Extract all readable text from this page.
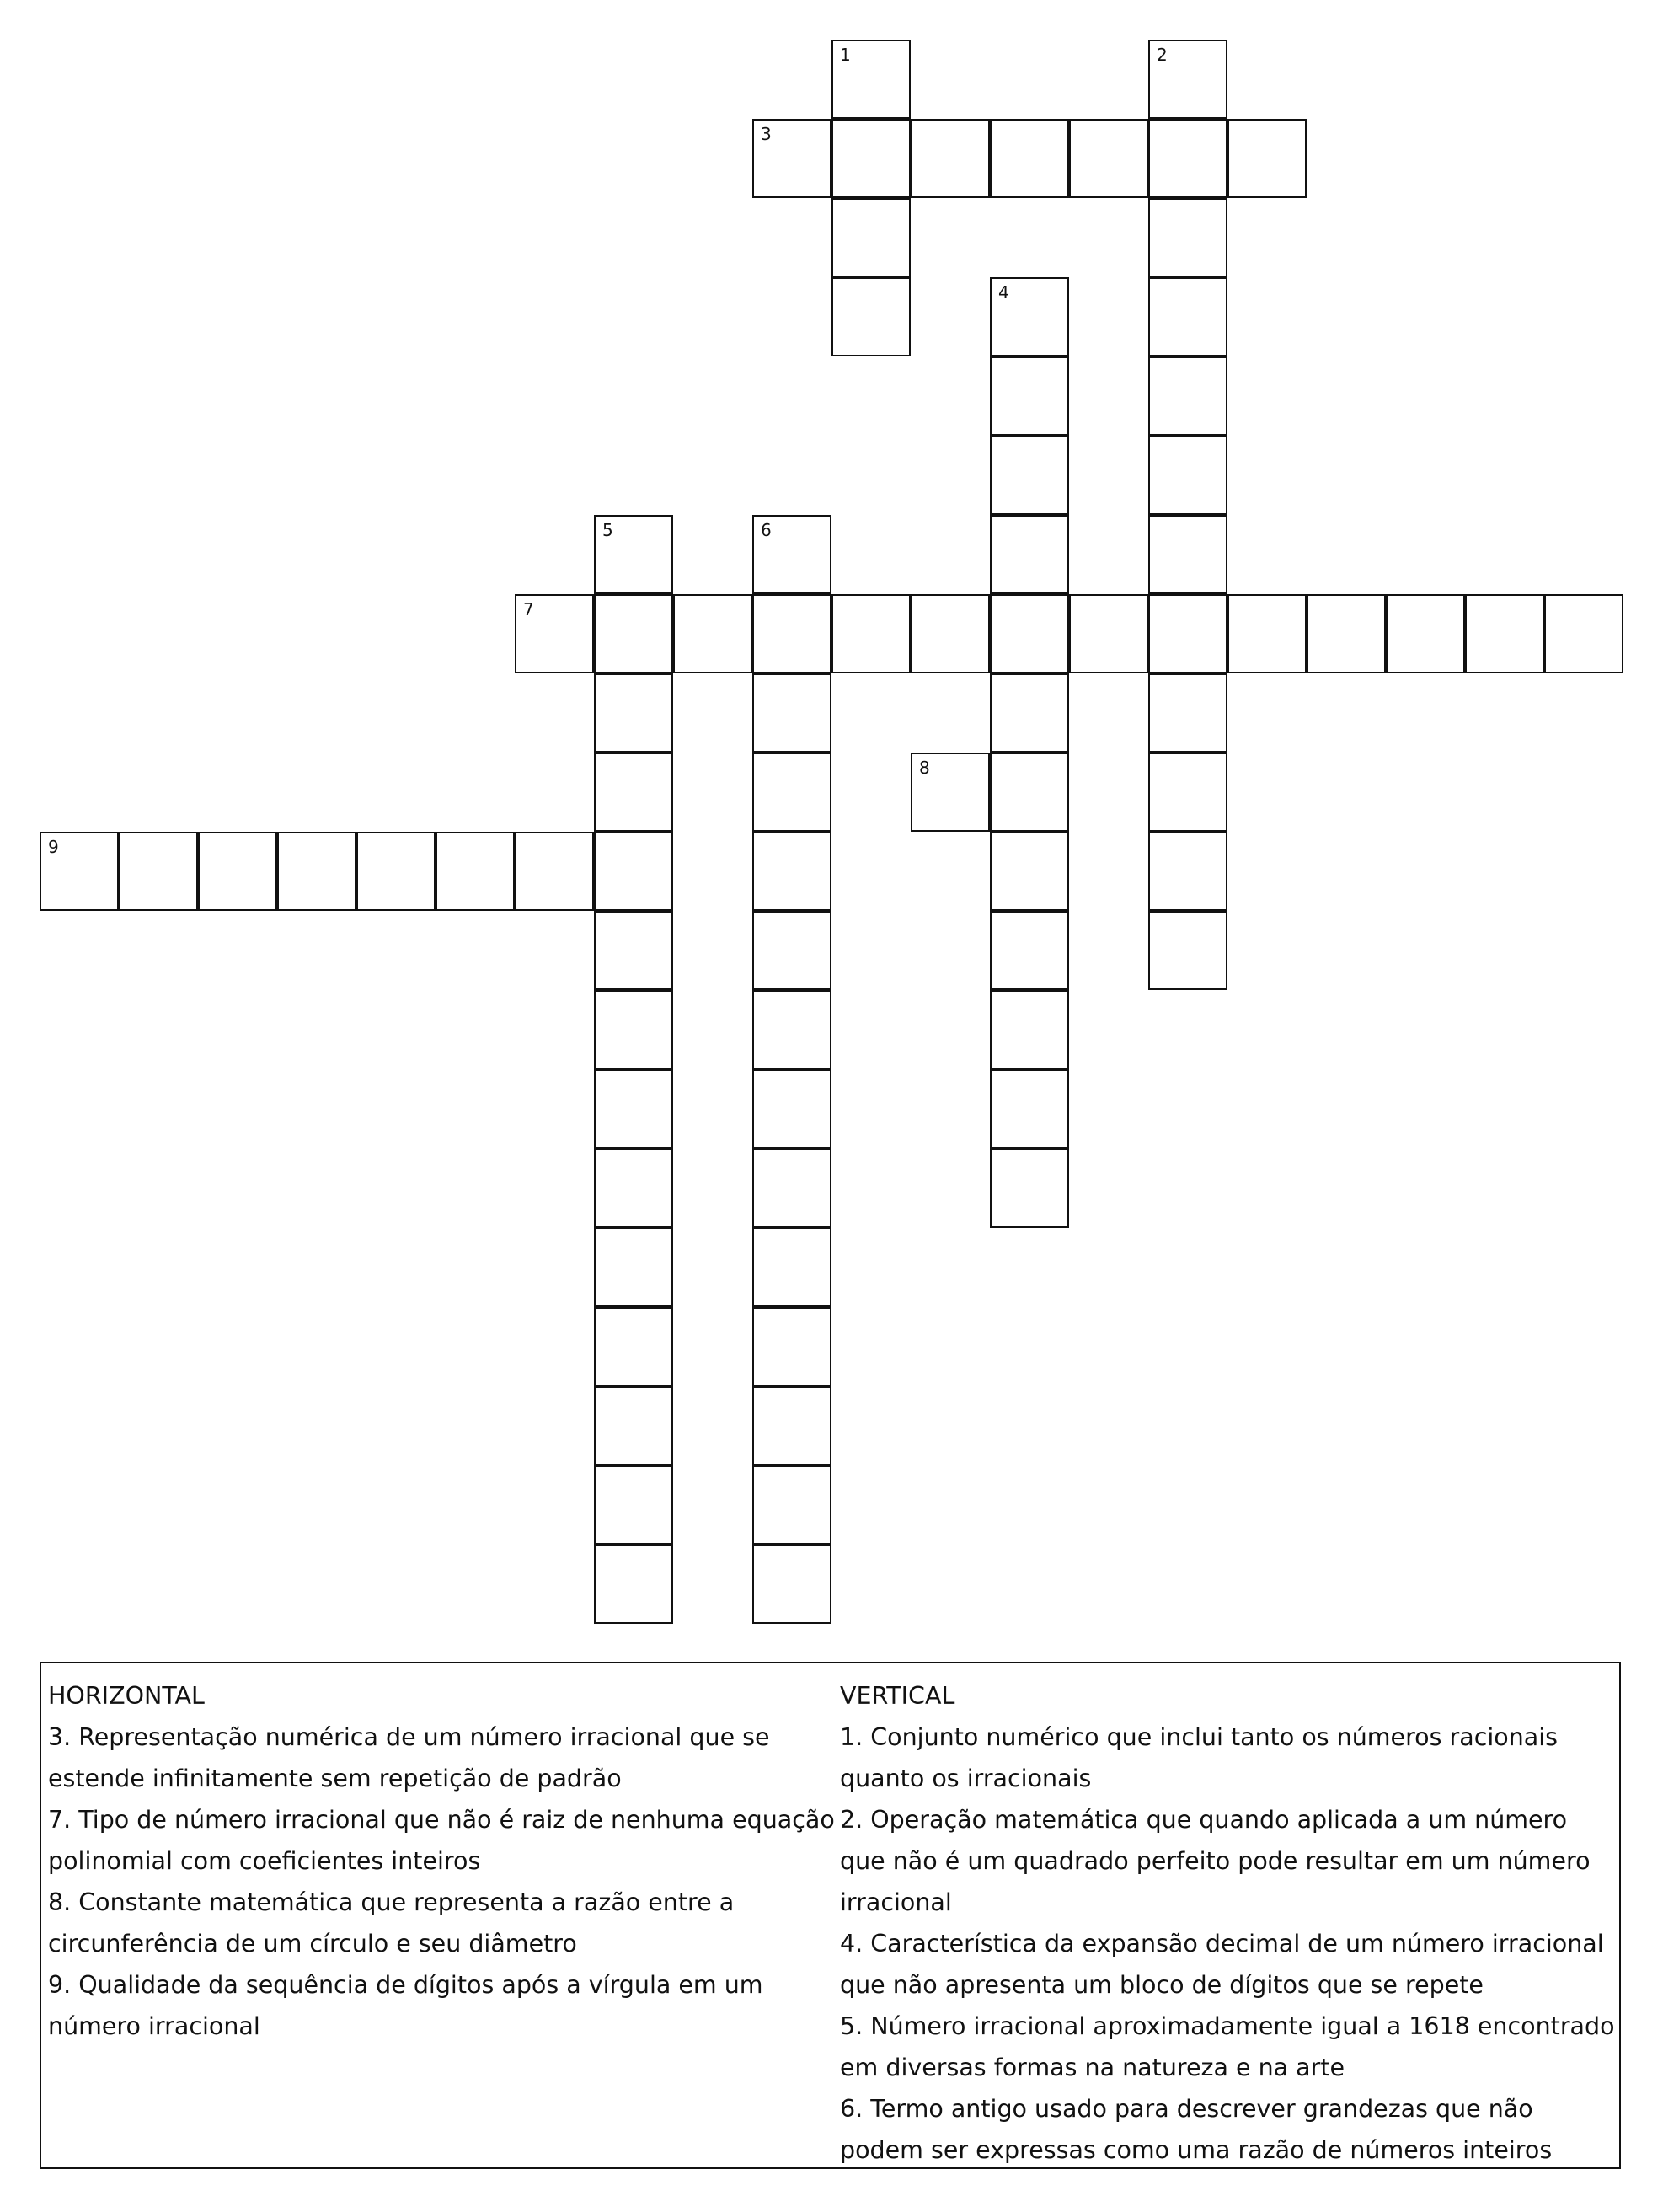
1	2
3
4
5	6
7
8
9
HORIZONTAL
3. Representação numérica de um número irracional que se estende infinitamente sem repetição de padrão
7. Tipo de número irracional que não é raiz de nenhuma equação polinomial com coeficientes inteiros
8. Constante matemática que representa a razão entre a circunferência de um círculo e seu diâmetro
9. Qualidade da sequência de dígitos após a vírgula em um número irracional
VERTICAL
1. Conjunto numérico que inclui tanto os números racionais quanto os irracionais
2. Operação matemática que quando aplicada a um número que não é um quadrado perfeito pode resultar em um número irracional
4. Característica da expansão decimal de um número irracional que não apresenta um bloco de dígitos que se repete
5. Número irracional aproximadamente igual a 1618 encontrado em diversas formas na natureza e na arte
6. Termo antigo usado para descrever grandezas que não podem ser expressas como uma razão de números inteiros
